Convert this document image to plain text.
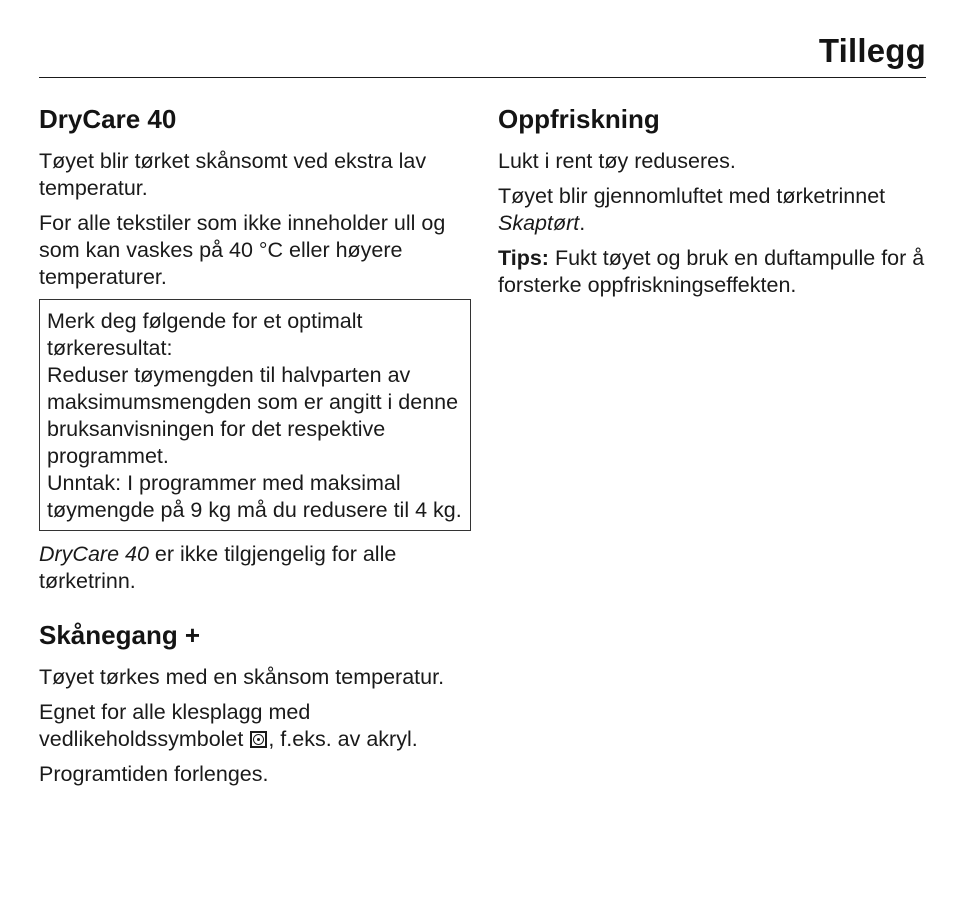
Tillegg
DryCare 40

Tøyet blir tørket skånsomt ved ekstra lav temperatur.

For alle tekstiler som ikke inneholder ull og som kan vaskes på 40 °C eller høyere temperaturer.

Merk deg følgende for et optimalt tørkeresultat:
Reduser tøymengden til halvparten av maksimumsmengden som er angitt i denne bruksanvisningen for det respektive programmet.
Unntak: I programmer med maksimal tøymengde på 9 kg må du redusere til 4 kg.

DryCare 40 er ikke tilgjengelig for alle tørketrinn.

Skånegang +

Tøyet tørkes med en skånsom temperatur.

Egnet for alle klesplagg med vedlikeholdssymbolet , f.eks. av akryl.

Programtiden forlenges.

Oppfriskning

Lukt i rent tøy reduseres.

Tøyet blir gjennomluftet med tørketrinnet Skaptørt.

Tips: Fukt tøyet og bruk en duftampulle for å forsterke oppfriskningseffekten.
